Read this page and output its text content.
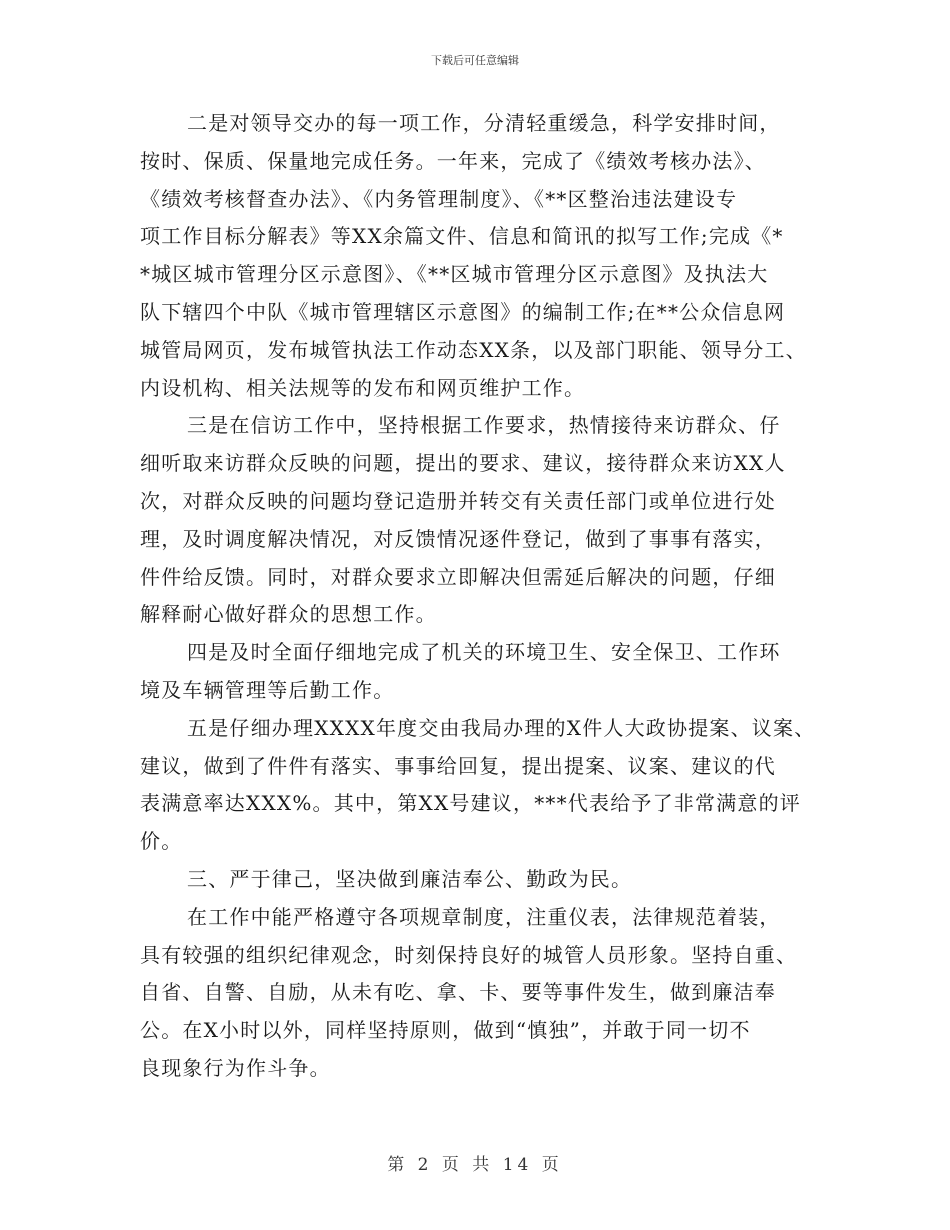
下载后可任意编辑
二是对领导交办的每一项工作，分清轻重缓急，科学安排时间，
按时、保质、保量地完成任务。一年来，完成了《绩效考核办法》、
《绩效考核督查办法》、《内务管理制度》、《**区整治违法建设专
项工作目标分解表》等XX余篇文件、信息和简讯的拟写工作;完成《*
*城区城市管理分区示意图》、《**区城市管理分区示意图》及执法大
队下辖四个中队《城市管理辖区示意图》的编制工作;在**公众信息网
城管局网页，发布城管执法工作动态XX条，以及部门职能、领导分工、
内设机构、相关法规等的发布和网页维护工作。
三是在信访工作中，坚持根据工作要求，热情接待来访群众、仔
细听取来访群众反映的问题，提出的要求、建议，接待群众来访XX人
次，对群众反映的问题均登记造册并转交有关责任部门或单位进行处
理，及时调度解决情况，对反馈情况逐件登记，做到了事事有落实，
件件给反馈。同时，对群众要求立即解决但需延后解决的问题，仔细
解释耐心做好群众的思想工作。
四是及时全面仔细地完成了机关的环境卫生、安全保卫、工作环
境及车辆管理等后勤工作。
五是仔细办理XXXX年度交由我局办理的X件人大政协提案、议案、
建议，做到了件件有落实、事事给回复，提出提案、议案、建议的代
表满意率达XXX%。其中，第XX号建议，***代表给予了非常满意的评
价。
三、严于律己，坚决做到廉洁奉公、勤政为民。
在工作中能严格遵守各项规章制度，注重仪表，法律规范着装，
具有较强的组织纪律观念，时刻保持良好的城管人员形象。坚持自重、
自省、自警、自励，从未有吃、拿、卡、要等事件发生，做到廉洁奉
公。在X小时以外，同样坚持原则，做到“慎独”，并敢于同一切不
良现象行为作斗争。
第 2 页 共 14 页
